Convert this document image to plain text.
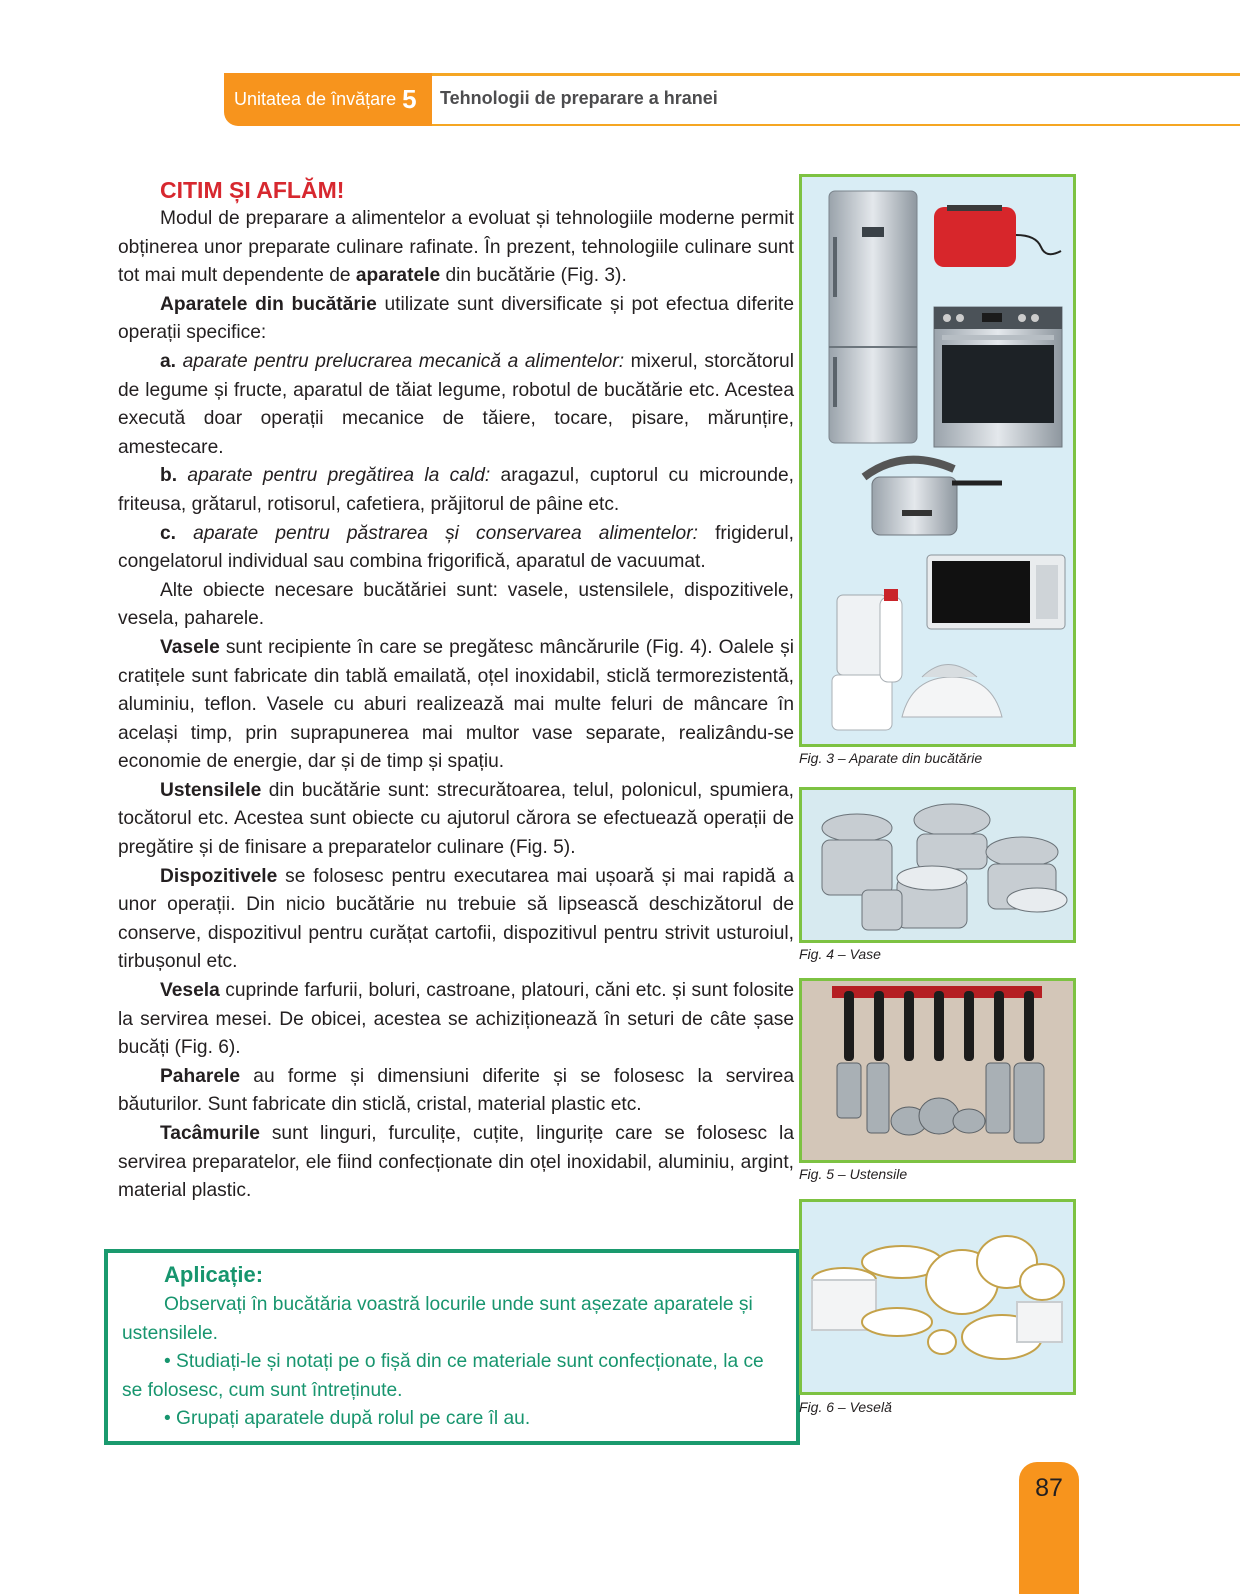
Unitatea de învățare 5 Tehnologii de preparare a hranei
CITIM ȘI AFLĂM!

Modul de preparare a alimentelor a evoluat și tehnologiile moderne permit obținerea unor preparate culinare rafinate. În prezent, tehnologiile culinare sunt tot mai mult dependente de aparatele din bucătărie (Fig. 3).

Aparatele din bucătărie utilizate sunt diversificate și pot efectua diferite operații specifice:

a. aparate pentru prelucrarea mecanică a alimentelor: mixerul, storcătorul de legume și fructe, aparatul de tăiat legume, robotul de bucătărie etc. Acestea execută doar operații mecanice de tăiere, tocare, pisare, mărunțire, amestecare.

b. aparate pentru pregătirea la cald: aragazul, cuptorul cu microunde, friteusa, grătarul, rotisorul, cafetiera, prăjitorul de pâine etc.

c. aparate pentru păstrarea și conservarea alimentelor: frigiderul, congelatorul individual sau combina frigorifică, aparatul de vacuumat.

Alte obiecte necesare bucătăriei sunt: vasele, ustensilele, dispozitivele, vesela, paharele.

Vasele sunt recipiente în care se pregătesc mâncărurile (Fig. 4). Oalele și cratițele sunt fabricate din tablă emailată, oțel inoxidabil, sticlă termorezistentă, aluminiu, teflon. Vasele cu aburi realizează mai multe feluri de mâncare în același timp, prin suprapunerea mai multor vase separate, realizându-se economie de energie, dar și de timp și spațiu.

Ustensilele din bucătărie sunt: strecurătoarea, telul, polonicul, spumiera, tocătorul etc. Acestea sunt obiecte cu ajutorul cărora se efectuează operații de pregătire și de finisare a preparatelor culinare (Fig. 5).

Dispozitivele se folosesc pentru executarea mai ușoară și mai rapidă a unor operații. Din nicio bucătărie nu trebuie să lipsească deschizătorul de conserve, dispozitivul pentru curățat cartofii, dispozitivul pentru strivit usturoiul, tirbușonul etc.

Vesela cuprinde farfurii, boluri, castroane, platouri, căni etc. și sunt folosite la servirea mesei. De obicei, acestea se achiziționează în seturi de câte șase bucăți (Fig. 6).

Paharele au forme și dimensiuni diferite și se folosesc la servirea băuturilor. Sunt fabricate din sticlă, cristal, material plastic etc.

Tacâmurile sunt linguri, furculițe, cuțite, lingurițe care se folosesc la servirea preparatelor, ele fiind confecționate din oțel inoxidabil, aluminiu, argint, material plastic.

Aplicație:

Observați în bucătăria voastră locurile unde sunt așezate aparatele și ustensilele.

• Studiați-le și notați pe o fișă din ce materiale sunt confecționate, la ce se folosesc, cum sunt întreținute.

• Grupați aparatele după rolul pe care îl au.

Fig. 3 – Aparate din bucătărie
Fig. 4 – Vase
Fig. 5 – Ustensile
Fig. 6 – Veselă
87
